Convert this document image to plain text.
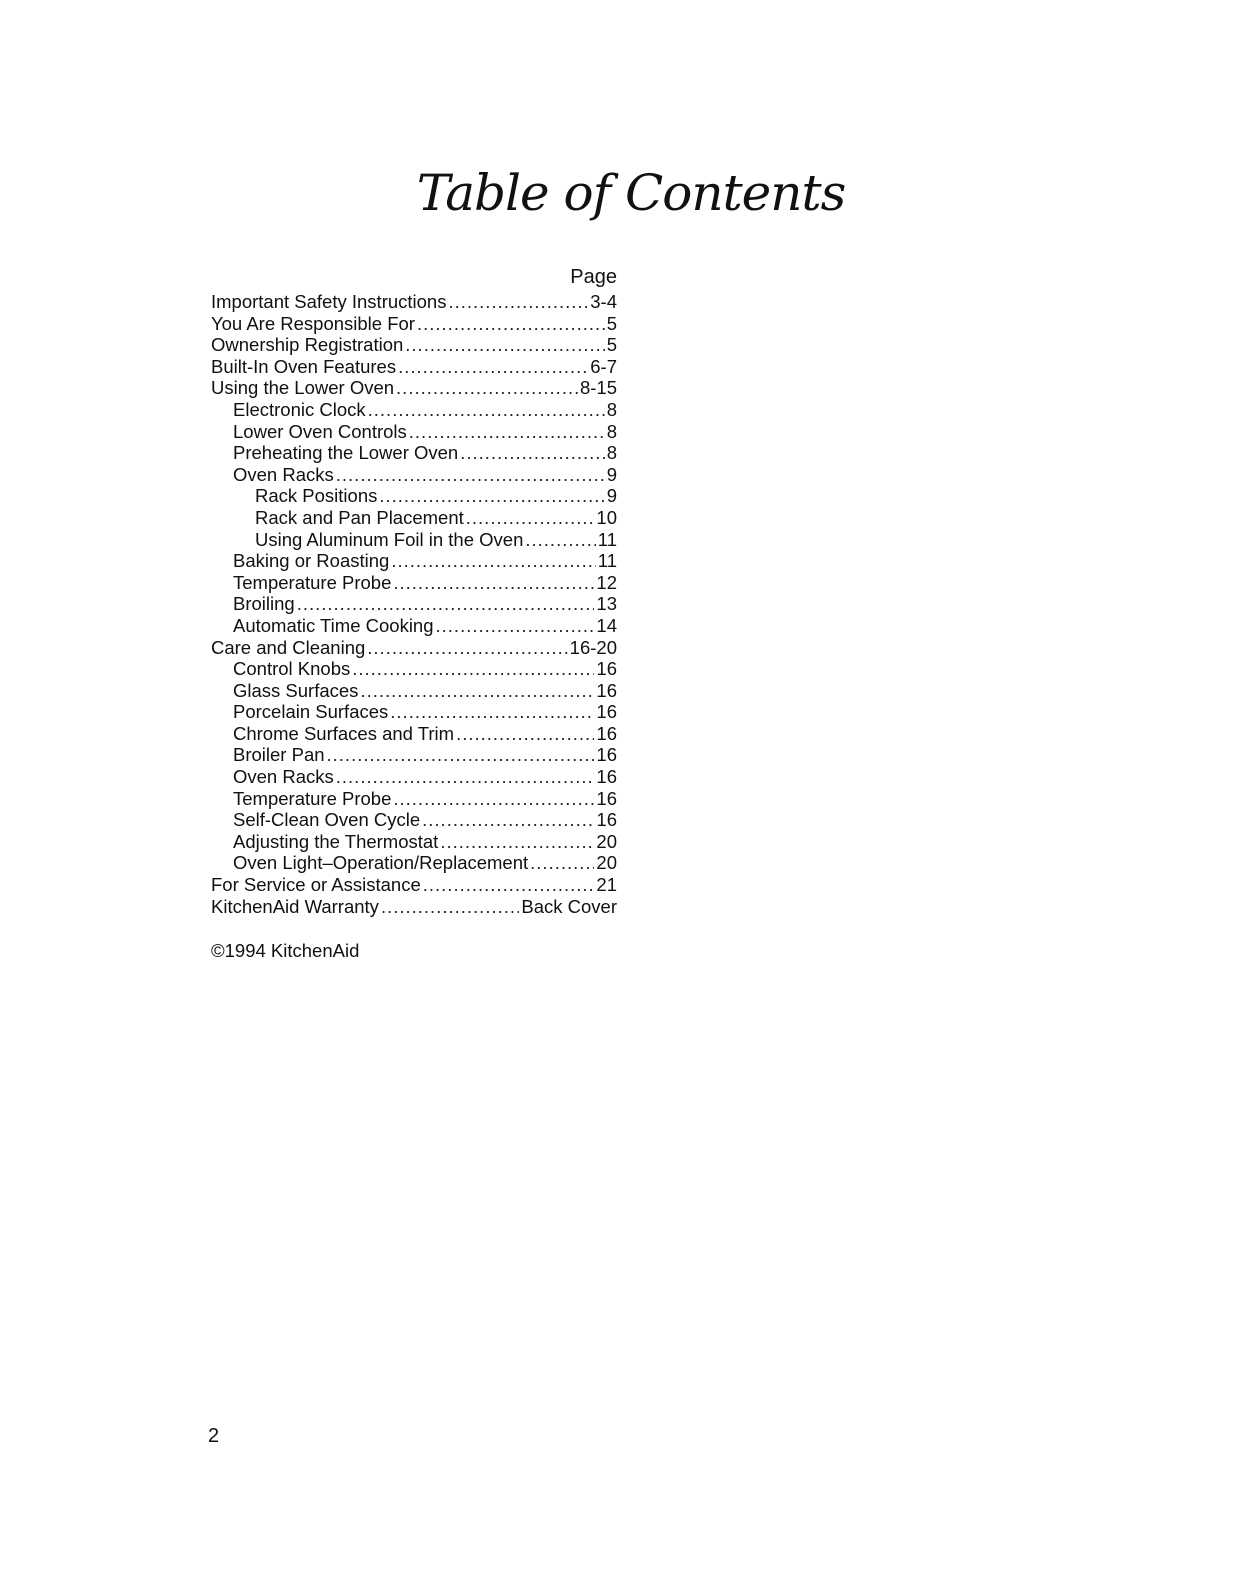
Table of Contents
Page
Important Safety Instructions .....	3-4
You Are Responsible For .....	5
Ownership Registration .....	5
Built-In Oven Features .....	6-7
Using the Lower Oven .....	8-15
Electronic Clock .....	8
Lower Oven Controls .....	8
Preheating the Lower Oven .....	8
Oven Racks .....	9
Rack Positions .....	9
Rack and Pan Placement .....	10
Using Aluminum Foil in the Oven .....	11
Baking or Roasting .....	11
Temperature Probe .....	12
Broiling .....	13
Automatic Time Cooking .....	14
Care and Cleaning .....	16-20
Control Knobs .....	16
Glass Surfaces .....	16
Porcelain Surfaces .....	16
Chrome Surfaces and Trim .....	16
Broiler Pan .....	16
Oven Racks .....	16
Temperature Probe .....	16
Self-Clean Oven Cycle .....	16
Adjusting the Thermostat .....	20
Oven Light–Operation/Replacement .....	20
For Service or Assistance .....	21
KitchenAid Warranty .....	Back Cover
©1994 KitchenAid
2
